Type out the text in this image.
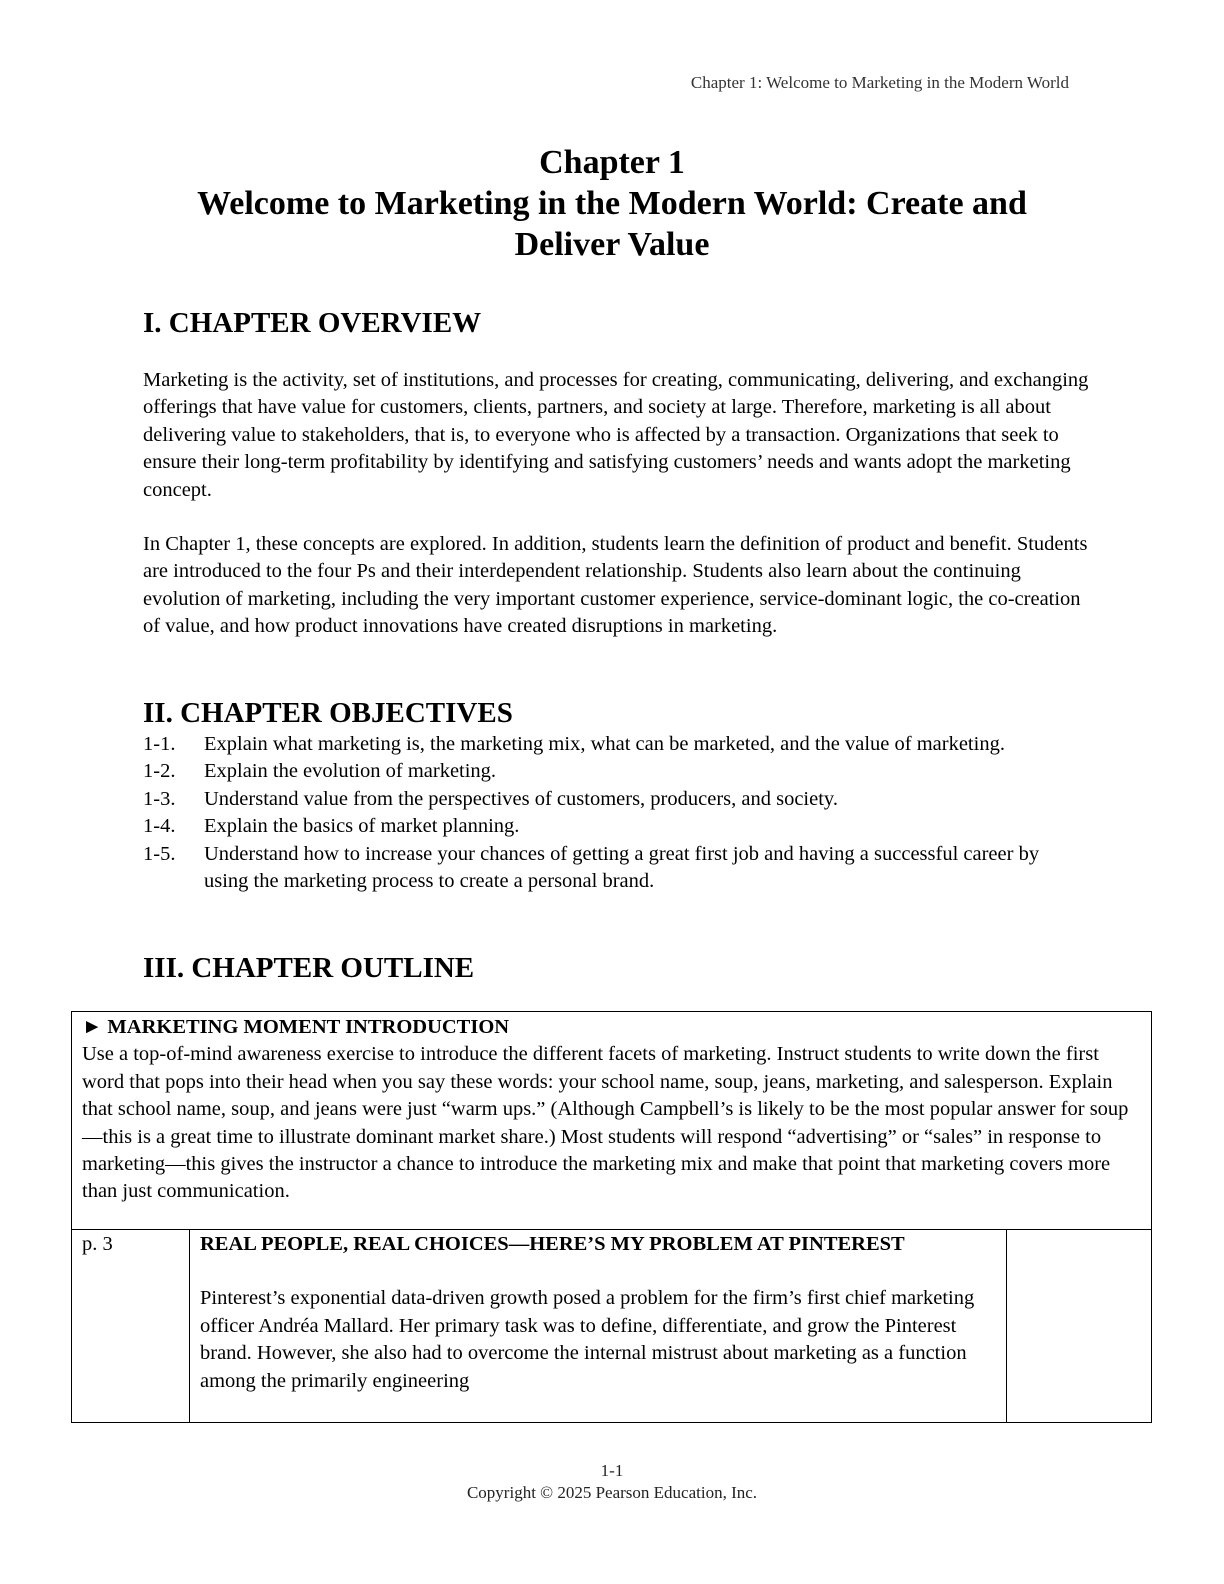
Chapter 1: Welcome to Marketing in the Modern World
Chapter 1
Welcome to Marketing in the Modern World: Create and
Deliver Value
I. CHAPTER OVERVIEW

Marketing is the activity, set of institutions, and processes for creating, communicating, delivering, and exchanging offerings that have value for customers, clients, partners, and society at large. Therefore, marketing is all about delivering value to stakeholders, that is, to everyone who is affected by a transaction. Organizations that seek to ensure their long-term profitability by identifying and satisfying customers’ needs and wants adopt the marketing concept.

In Chapter 1, these concepts are explored. In addition, students learn the definition of product and benefit. Students are introduced to the four Ps and their interdependent relationship. Students also learn about the continuing evolution of marketing, including the very important customer experience, service-dominant logic, the co-creation of value, and how product innovations have created disruptions in marketing.

II. CHAPTER OBJECTIVES
1-1.	Explain what marketing is, the marketing mix, what can be marketed, and the value of marketing.
1-2.	Explain the evolution of marketing.
1-3.	Understand value from the perspectives of customers, producers, and society.
1-4.	Explain the basics of market planning.
1-5.	Understand how to increase your chances of getting a great first job and having a successful career by using the marketing process to create a personal brand.
III. CHAPTER OUTLINE
► MARKETING MOMENT INTRODUCTION
Use a top-of-mind awareness exercise to introduce the different facets of marketing. Instruct students to write down the first word that pops into their head when you say these words: your school name, soup, jeans, marketing, and salesperson. Explain that school name, soup, and jeans were just “warm ups.” (Although Campbell’s is likely to be the most popular answer for soup—this is a great time to illustrate dominant market share.) Most students will respond “advertising” or “sales” in response to marketing—this gives the instructor a chance to introduce the marketing mix and make that point that marketing covers more than just communication.
p. 3	REAL PEOPLE, REAL CHOICES—HERE’S MY PROBLEM AT PINTEREST
Pinterest’s exponential data-driven growth posed a problem for the firm’s first chief marketing officer Andréa Mallard. Her primary task was to define, differentiate, and grow the Pinterest brand. However, she also had to overcome the internal mistrust about marketing as a function among the primarily engineering
1-1
Copyright © 2025 Pearson Education, Inc.
